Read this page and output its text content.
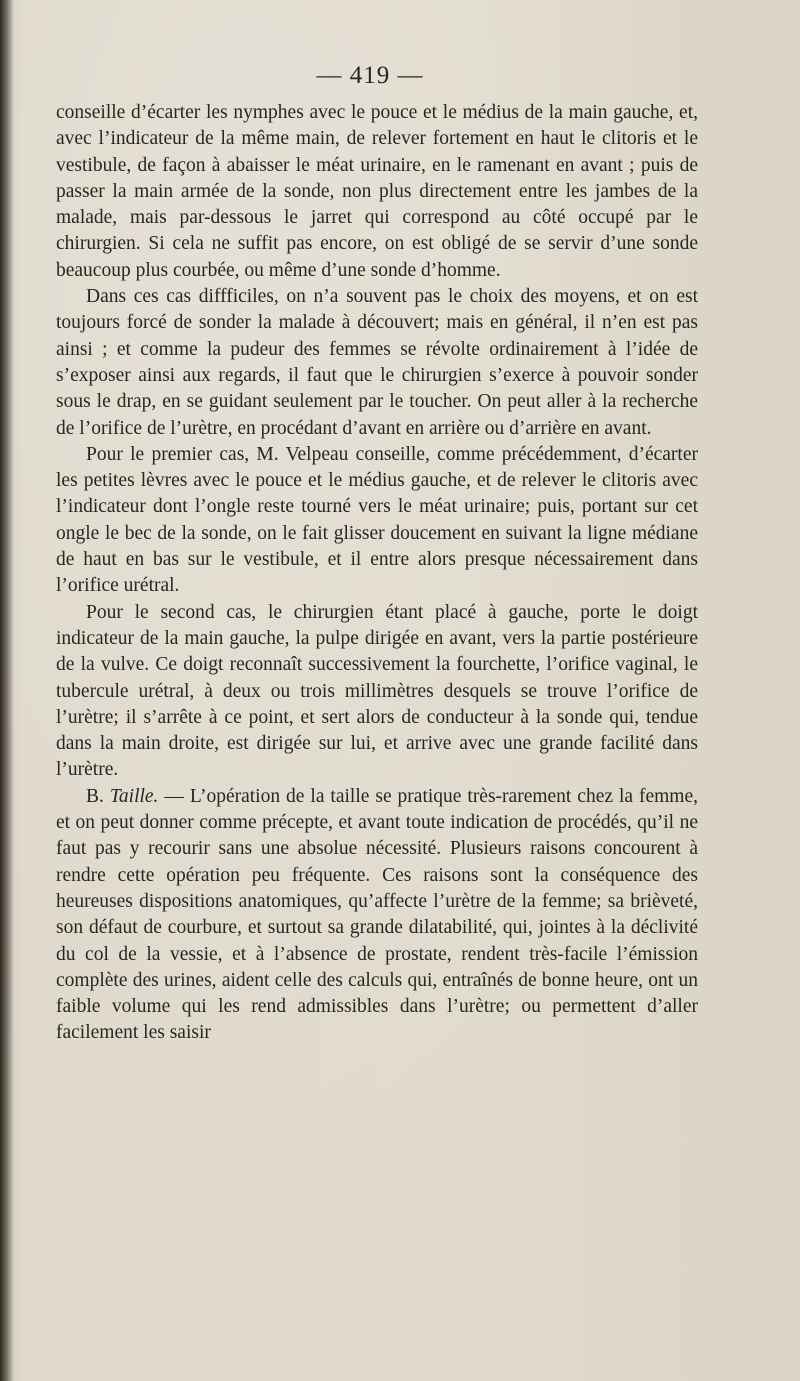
— 419 —

conseille d’écarter les nymphes avec le pouce et le médius de la main gauche, et, avec l’indicateur de la même main, de relever fortement en haut le clitoris et le vestibule, de façon à abaisser le méat urinaire, en le ramenant en avant ; puis de passer la main armée de la sonde, non plus directement entre les jambes de la malade, mais par-dessous le jarret qui correspond au côté occupé par le chirurgien. Si cela ne suffit pas encore, on est obligé de se servir d’une sonde beaucoup plus courbée, ou même d’une sonde d’homme.

Dans ces cas diffficiles, on n’a souvent pas le choix des moyens, et on est toujours forcé de sonder la malade à découvert; mais en général, il n’en est pas ainsi ; et comme la pudeur des femmes se révolte ordinairement à l’idée de s’exposer ainsi aux regards, il faut que le chirurgien s’exerce à pouvoir sonder sous le drap, en se guidant seulement par le toucher. On peut aller à la recherche de l’orifice de l’urètre, en procédant d’avant en arrière ou d’arrière en avant.

Pour le premier cas, M. Velpeau conseille, comme précédemment, d’écarter les petites lèvres avec le pouce et le médius gauche, et de relever le clitoris avec l’indicateur dont l’ongle reste tourné vers le méat urinaire; puis, portant sur cet ongle le bec de la sonde, on le fait glisser doucement en suivant la ligne médiane de haut en bas sur le vestibule, et il entre alors presque nécessairement dans l’orifice urétral.

Pour le second cas, le chirurgien étant placé à gauche, porte le doigt indicateur de la main gauche, la pulpe dirigée en avant, vers la partie postérieure de la vulve. Ce doigt reconnaît successivement la fourchette, l’orifice vaginal, le tubercule urétral, à deux ou trois millimètres desquels se trouve l’orifice de l’urètre; il s’arrête à ce point, et sert alors de conducteur à la sonde qui, tendue dans la main droite, est dirigée sur lui, et arrive avec une grande facilité dans l’urètre.

B. Taille. — L’opération de la taille se pratique très-rarement chez la femme, et on peut donner comme précepte, et avant toute indication de procédés, qu’il ne faut pas y recourir sans une absolue nécessité. Plusieurs raisons concourent à rendre cette opération peu fréquente. Ces raisons sont la conséquence des heureuses dispositions anatomiques, qu’affecte l’urètre de la femme; sa brièveté, son défaut de courbure, et surtout sa grande dilatabilité, qui, jointes à la déclivité du col de la vessie, et à l’absence de prostate, rendent très-facile l’émission complète des urines, aident celle des calculs qui, entraînés de bonne heure, ont un faible volume qui les rend admissibles dans l’urètre; ou permettent d’aller facilement les saisir
